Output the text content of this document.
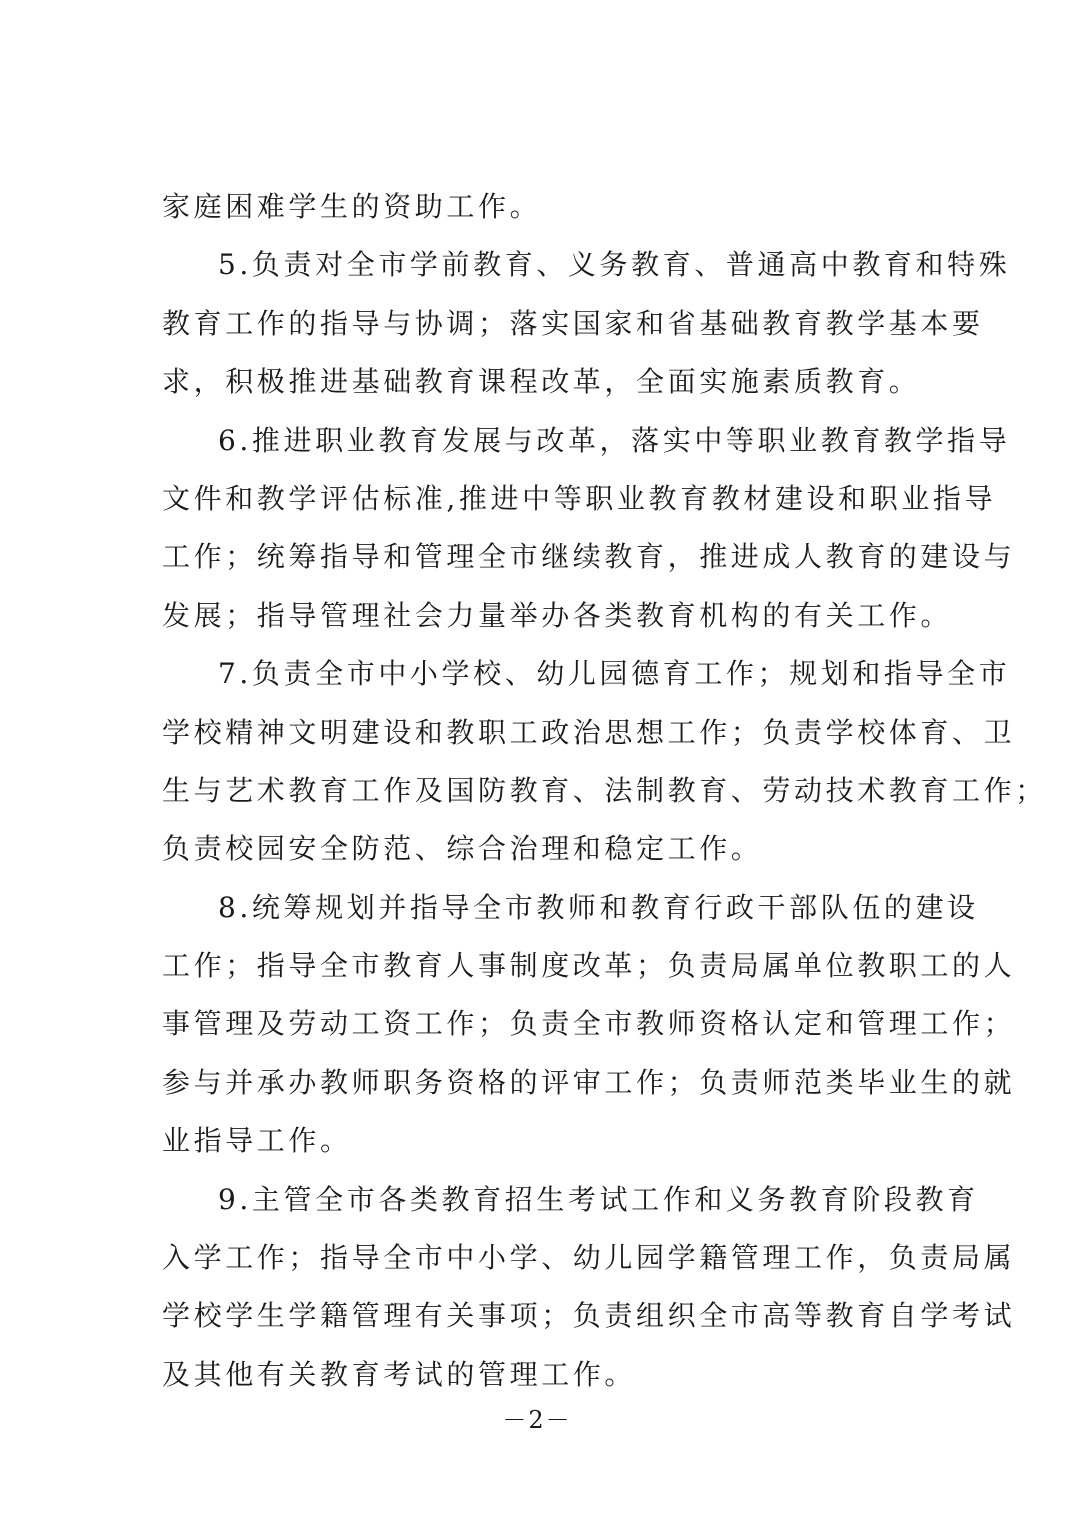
家庭困难学生的资助工作。
5.负责对全市学前教育、义务教育、普通高中教育和特殊
教育工作的指导与协调；落实国家和省基础教育教学基本要
求，积极推进基础教育课程改革，全面实施素质教育。
6.推进职业教育发展与改革，落实中等职业教育教学指导
文件和教学评估标准,推进中等职业教育教材建设和职业指导
工作；统筹指导和管理全市继续教育，推进成人教育的建设与
发展；指导管理社会力量举办各类教育机构的有关工作。
7.负责全市中小学校、幼儿园德育工作；规划和指导全市
学校精神文明建设和教职工政治思想工作；负责学校体育、卫
生与艺术教育工作及国防教育、法制教育、劳动技术教育工作；
负责校园安全防范、综合治理和稳定工作。
8.统筹规划并指导全市教师和教育行政干部队伍的建设
工作；指导全市教育人事制度改革；负责局属单位教职工的人
事管理及劳动工资工作；负责全市教师资格认定和管理工作；
参与并承办教师职务资格的评审工作；负责师范类毕业生的就
业指导工作。
9.主管全市各类教育招生考试工作和义务教育阶段教育
入学工作；指导全市中小学、幼儿园学籍管理工作，负责局属
学校学生学籍管理有关事项；负责组织全市高等教育自学考试
及其他有关教育考试的管理工作。
－2－
